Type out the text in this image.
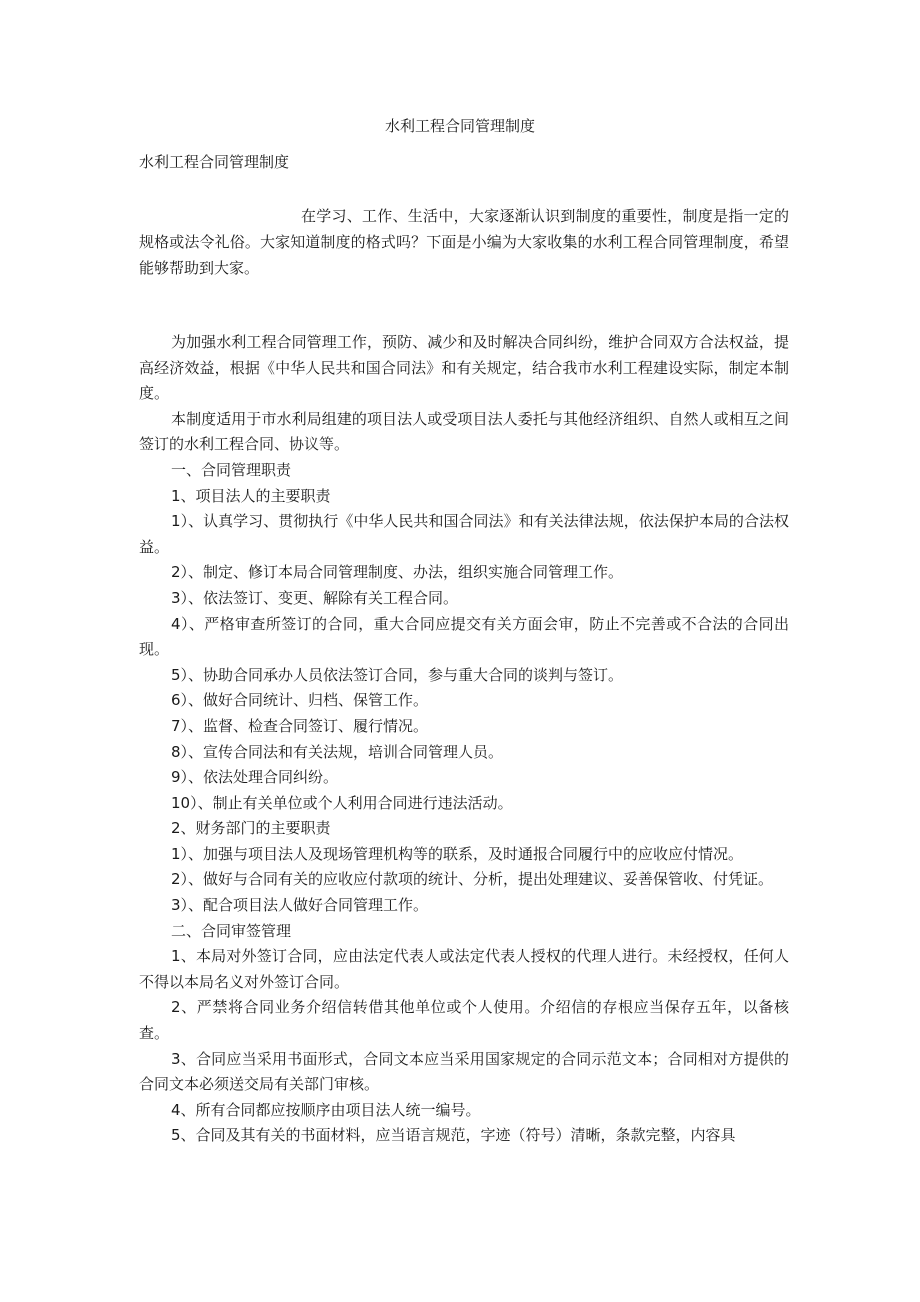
水利工程合同管理制度
水利工程合同管理制度

在学习、工作、生活中，大家逐渐认识到制度的重要性，制度是指一定的规格或法令礼俗。大家知道制度的格式吗？下面是小编为大家收集的水利工程合同管理制度，希望能够帮助到大家。

为加强水利工程合同管理工作，预防、减少和及时解决合同纠纷，维护合同双方合法权益，提高经济效益，根据《中华人民共和国合同法》和有关规定，结合我市水利工程建设实际，制定本制度。

本制度适用于市水利局组建的项目法人或受项目法人委托与其他经济组织、自然人或相互之间签订的水利工程合同、协议等。

一、合同管理职责

1、项目法人的主要职责

1）、认真学习、贯彻执行《中华人民共和国合同法》和有关法律法规，依法保护本局的合法权益。

2）、制定、修订本局合同管理制度、办法，组织实施合同管理工作。

3）、依法签订、变更、解除有关工程合同。

4）、严格审查所签订的合同，重大合同应提交有关方面会审，防止不完善或不合法的合同出现。

5）、协助合同承办人员依法签订合同，参与重大合同的谈判与签订。

6）、做好合同统计、归档、保管工作。

7）、监督、检查合同签订、履行情况。

8）、宣传合同法和有关法规，培训合同管理人员。

9）、依法处理合同纠纷。

10）、制止有关单位或个人利用合同进行违法活动。

2、财务部门的主要职责

1）、加强与项目法人及现场管理机构等的联系，及时通报合同履行中的应收应付情况。

2）、做好与合同有关的应收应付款项的统计、分析，提出处理建议、妥善保管收、付凭证。

3）、配合项目法人做好合同管理工作。

二、合同审签管理

1、本局对外签订合同，应由法定代表人或法定代表人授权的代理人进行。未经授权，任何人不得以本局名义对外签订合同。

2、严禁将合同业务介绍信转借其他单位或个人使用。介绍信的存根应当保存五年，以备核查。

3、合同应当采用书面形式，合同文本应当采用国家规定的合同示范文本；合同相对方提供的合同文本必须送交局有关部门审核。

4、所有合同都应按顺序由项目法人统一编号。

5、合同及其有关的书面材料，应当语言规范，字迹（符号）清晰，条款完整，内容具
